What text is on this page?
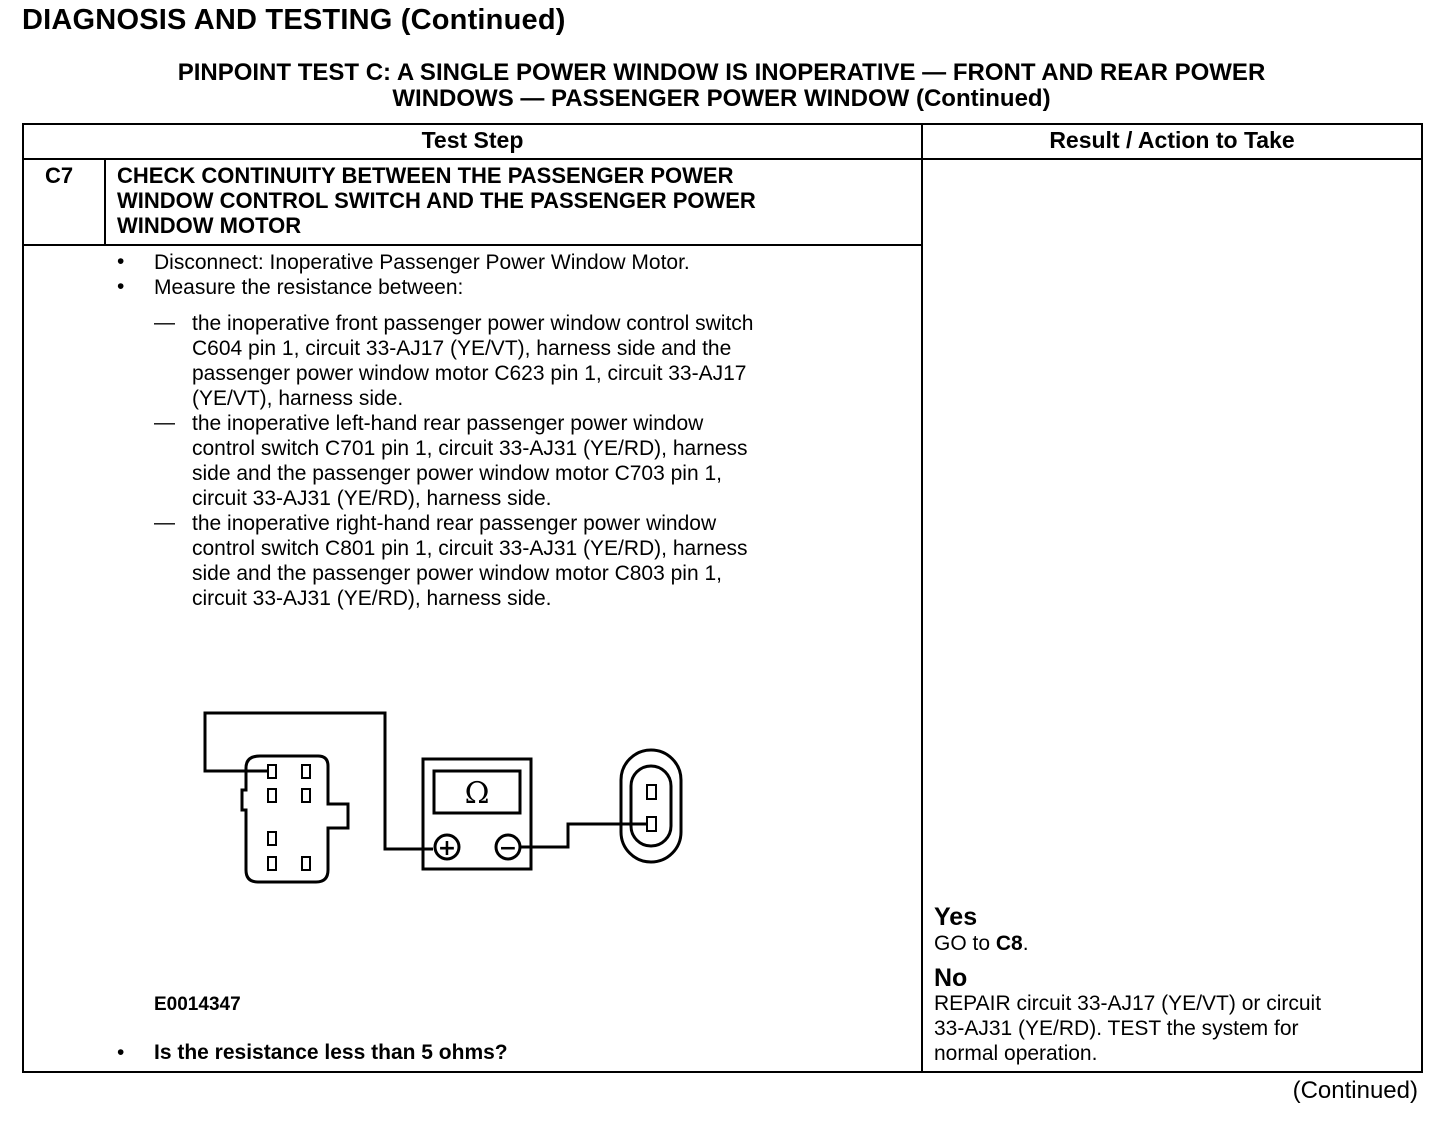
DIAGNOSIS AND TESTING (Continued)
PINPOINT TEST C: A SINGLE POWER WINDOW IS INOPERATIVE — FRONT AND REAR POWER
WINDOWS — PASSENGER POWER WINDOW (Continued)
Test Step	Result / Action to Take
C7 CHECK CONTINUITY BETWEEN THE PASSENGER POWER
WINDOW CONTROL SWITCH AND THE PASSENGER POWER
WINDOW MOTOR
• Disconnect: Inoperative Passenger Power Window Motor.
• Measure the resistance between:
— the inoperative front passenger power window control switch
C604 pin 1, circuit 33-AJ17 (YE/VT), harness side and the
passenger power window motor C623 pin 1, circuit 33-AJ17
(YE/VT), harness side.
— the inoperative left-hand rear passenger power window
control switch C701 pin 1, circuit 33-AJ31 (YE/RD), harness
side and the passenger power window motor C703 pin 1,
circuit 33-AJ31 (YE/RD), harness side.
— the inoperative right-hand rear passenger power window
control switch C801 pin 1, circuit 33-AJ31 (YE/RD), harness
side and the passenger power window motor C803 pin 1,
circuit 33-AJ31 (YE/RD), harness side.
Ω
+ −
E0014347
• Is the resistance less than 5 ohms?
Yes
GO to C8.
No
REPAIR circuit 33-AJ17 (YE/VT) or circuit
33-AJ31 (YE/RD). TEST the system for
normal operation.
(Continued)
